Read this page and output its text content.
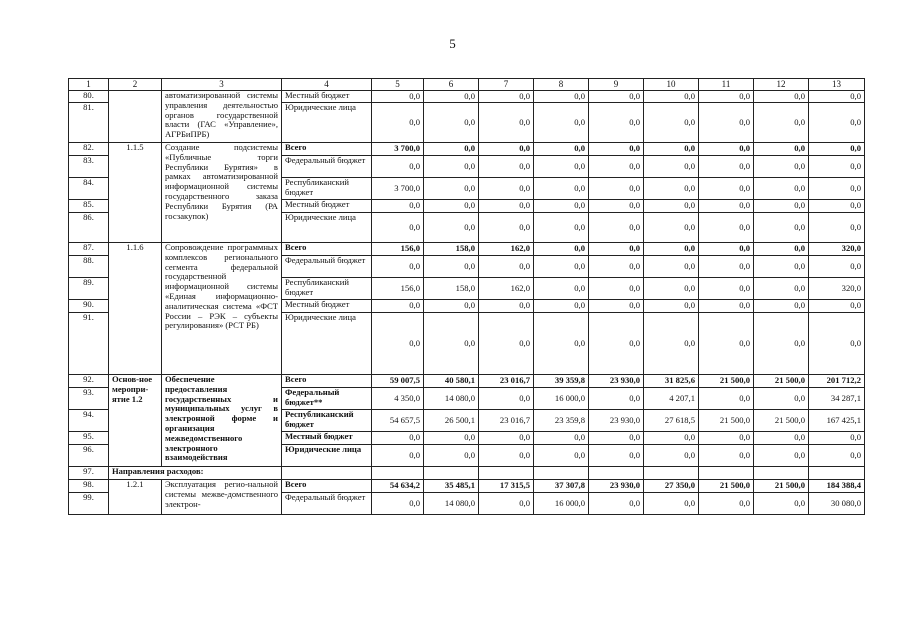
5
1	2	3	4	5	6	7	8	9	10	11	12	13
80.		автоматизированной системы управления деятельностью органов государственной власти (ГАС «Управление», АГРБиПРБ)	Местный бюджет	0,0	0,0	0,0	0,0	0,0	0,0	0,0	0,0	0,0
81.			Юридические лица	0,0	0,0	0,0	0,0	0,0	0,0	0,0	0,0	0,0
82.	1.1.5	Создание подсистемы «Публичные торги Республики Бурятия» в рамках автоматизированной информационной системы государственного заказа Республики Бурятия (РА госзакупок)	Всего	3 700,0	0,0	0,0	0,0	0,0	0,0	0,0	0,0	0,0
83.			Федеральный бюджет	0,0	0,0	0,0	0,0	0,0	0,0	0,0	0,0	0,0
84.			Республиканский бюджет	3 700,0	0,0	0,0	0,0	0,0	0,0	0,0	0,0	0,0
85.			Местный бюджет	0,0	0,0	0,0	0,0	0,0	0,0	0,0	0,0	0,0
86.			Юридические лица	0,0	0,0	0,0	0,0	0,0	0,0	0,0	0,0	0,0
87.	1.1.6	Сопровождение программных комплексов регионального сегмента федеральной государственной информационной системы «Единая информационно-аналитическая система «ФСТ России – РЭК – субъекты регулирования» (РСТ РБ)	Всего	156,0	158,0	162,0	0,0	0,0	0,0	0,0	0,0	320,0
88.			Федеральный бюджет	0,0	0,0	0,0	0,0	0,0	0,0	0,0	0,0	0,0
89.			Республиканский бюджет	156,0	158,0	162,0	0,0	0,0	0,0	0,0	0,0	320,0
90.			Местный бюджет	0,0	0,0	0,0	0,0	0,0	0,0	0,0	0,0	0,0
91.			Юридические лица	0,0	0,0	0,0	0,0	0,0	0,0	0,0	0,0	0,0
92.	Основ-ное меропри-ятие 1.2	Обеспечение предоставления государственных и муниципальных услуг в электронной форме и организация межведомственного электронного взаимодействия	Всего	59 007,5	40 580,1	23 016,7	39 359,8	23 930,0	31 825,6	21 500,0	21 500,0	201 712,2
93.			Федеральный бюджет**	4 350,0	14 080,0	0,0	16 000,0	0,0	4 207,1	0,0	0,0	34 287,1
94.			Республиканский бюджет	54 657,5	26 500,1	23 016,7	23 359,8	23 930,0	27 618,5	21 500,0	21 500,0	167 425,1
95.			Местный бюджет	0,0	0,0	0,0	0,0	0,0	0,0	0,0	0,0	0,0
96.			Юридические лица	0,0	0,0	0,0	0,0	0,0	0,0	0,0	0,0	0,0
97.	Направления расходов:											
98.	1.2.1	Эксплуатация регио-нальной системы межве-домственного электрон-	Всего	54 634,2	35 485,1	17 315,5	37 307,8	23 930,0	27 350,0	21 500,0	21 500,0	184 388,4
99.			Федеральный бюджет	0,0	14 080,0	0,0	16 000,0	0,0	0,0	0,0	0,0	30 080,0
